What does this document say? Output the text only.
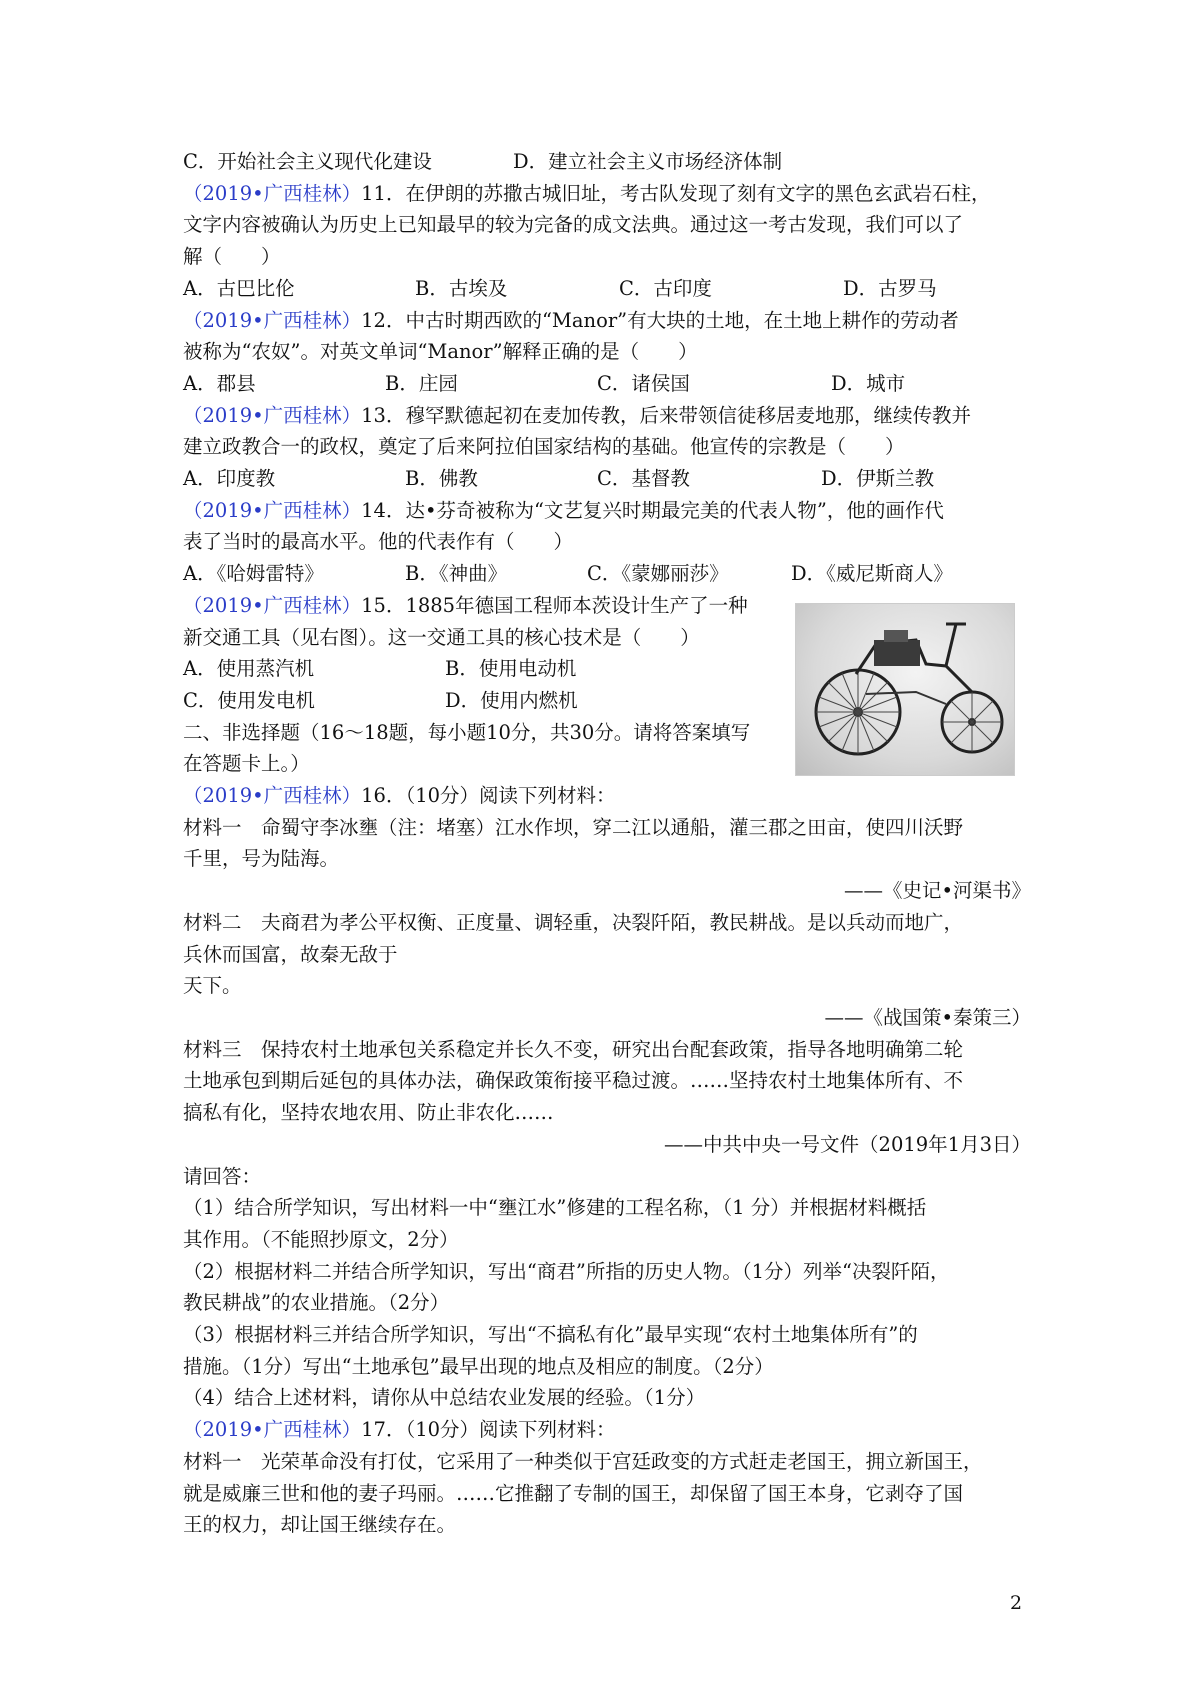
C．开始社会主义现代化建设	D．建立社会主义市场经济体制
（2019•广西桂林）11．在伊朗的苏撒古城旧址，考古队发现了刻有文字的黑色玄武岩石柱，
文字内容被确认为历史上已知最早的较为完备的成文法典。通过这一考古发现，我们可以了
解（　　）
A．古巴比伦	B．古埃及	C．古印度	D．古罗马
（2019•广西桂林）12．中古时期西欧的“Manor”有大块的土地，在土地上耕作的劳动者
被称为“农奴”。对英文单词“Manor”解释正确的是（　　）
A．郡县	B．庄园	C．诸侯国	D．城市
（2019•广西桂林）13．穆罕默德起初在麦加传教，后来带领信徒移居麦地那，继续传教并
建立政教合一的政权，奠定了后来阿拉伯国家结构的基础。他宣传的宗教是（　　）
A．印度教	B．佛教	C．基督教	D．伊斯兰教
（2019•广西桂林）14．达•芬奇被称为“文艺复兴时期最完美的代表人物”，他的画作代
表了当时的最高水平。他的代表作有（　　）
A．《哈姆雷特》	B．《神曲》	C．《蒙娜丽莎》	D．《威尼斯商人》
（2019•广西桂林）15．1885年德国工程师本茨设计生产了一种
新交通工具（见右图）。这一交通工具的核心技术是（　　）
A．使用蒸汽机	B．使用电动机
C．使用发电机	D．使用内燃机
二、非选择题（16～18题，每小题10分，共30分。请将答案填写
在答题卡上。）
（2019•广西桂林）16．（10分）阅读下列材料：
材料一　命蜀守李冰壅（注：堵塞）江水作坝，穿二江以通船，灌三郡之田亩，使四川沃野
千里，号为陆海。
——《史记•河渠书》
材料二　夫商君为孝公平权衡、正度量、调轻重，决裂阡陌，教民耕战。是以兵动而地广，
兵休而国富，故秦无敌于
天下。
——《战国策•秦策三）
材料三　保持农村土地承包关系稳定并长久不变，研究出台配套政策，指导各地明确第二轮
土地承包到期后延包的具体办法，确保政策衔接平稳过渡。……坚持农村土地集体所有、不
搞私有化，坚持农地农用、防止非农化……
——中共中央一号文件（2019年1月3日）
请回答：
（1）结合所学知识，写出材料一中“壅江水”修建的工程名称，（1 分）并根据材料概括
其作用。（不能照抄原文，2分）
（2）根据材料二并结合所学知识，写出“商君”所指的历史人物。（1分）列举“决裂阡陌，
教民耕战”的农业措施。（2分）
（3）根据材料三并结合所学知识，写出“不搞私有化”最早实现“农村土地集体所有”的
措施。（1分）写出“土地承包”最早出现的地点及相应的制度。（2分）
（4）结合上述材料，请你从中总结农业发展的经验。（1分）
（2019•广西桂林）17．（10分）阅读下列材料：
材料一　光荣革命没有打仗，它采用了一种类似于宫廷政变的方式赶走老国王，拥立新国王，
就是威廉三世和他的妻子玛丽。……它推翻了专制的国王，却保留了国王本身，它剥夺了国
王的权力，却让国王继续存在。
2
